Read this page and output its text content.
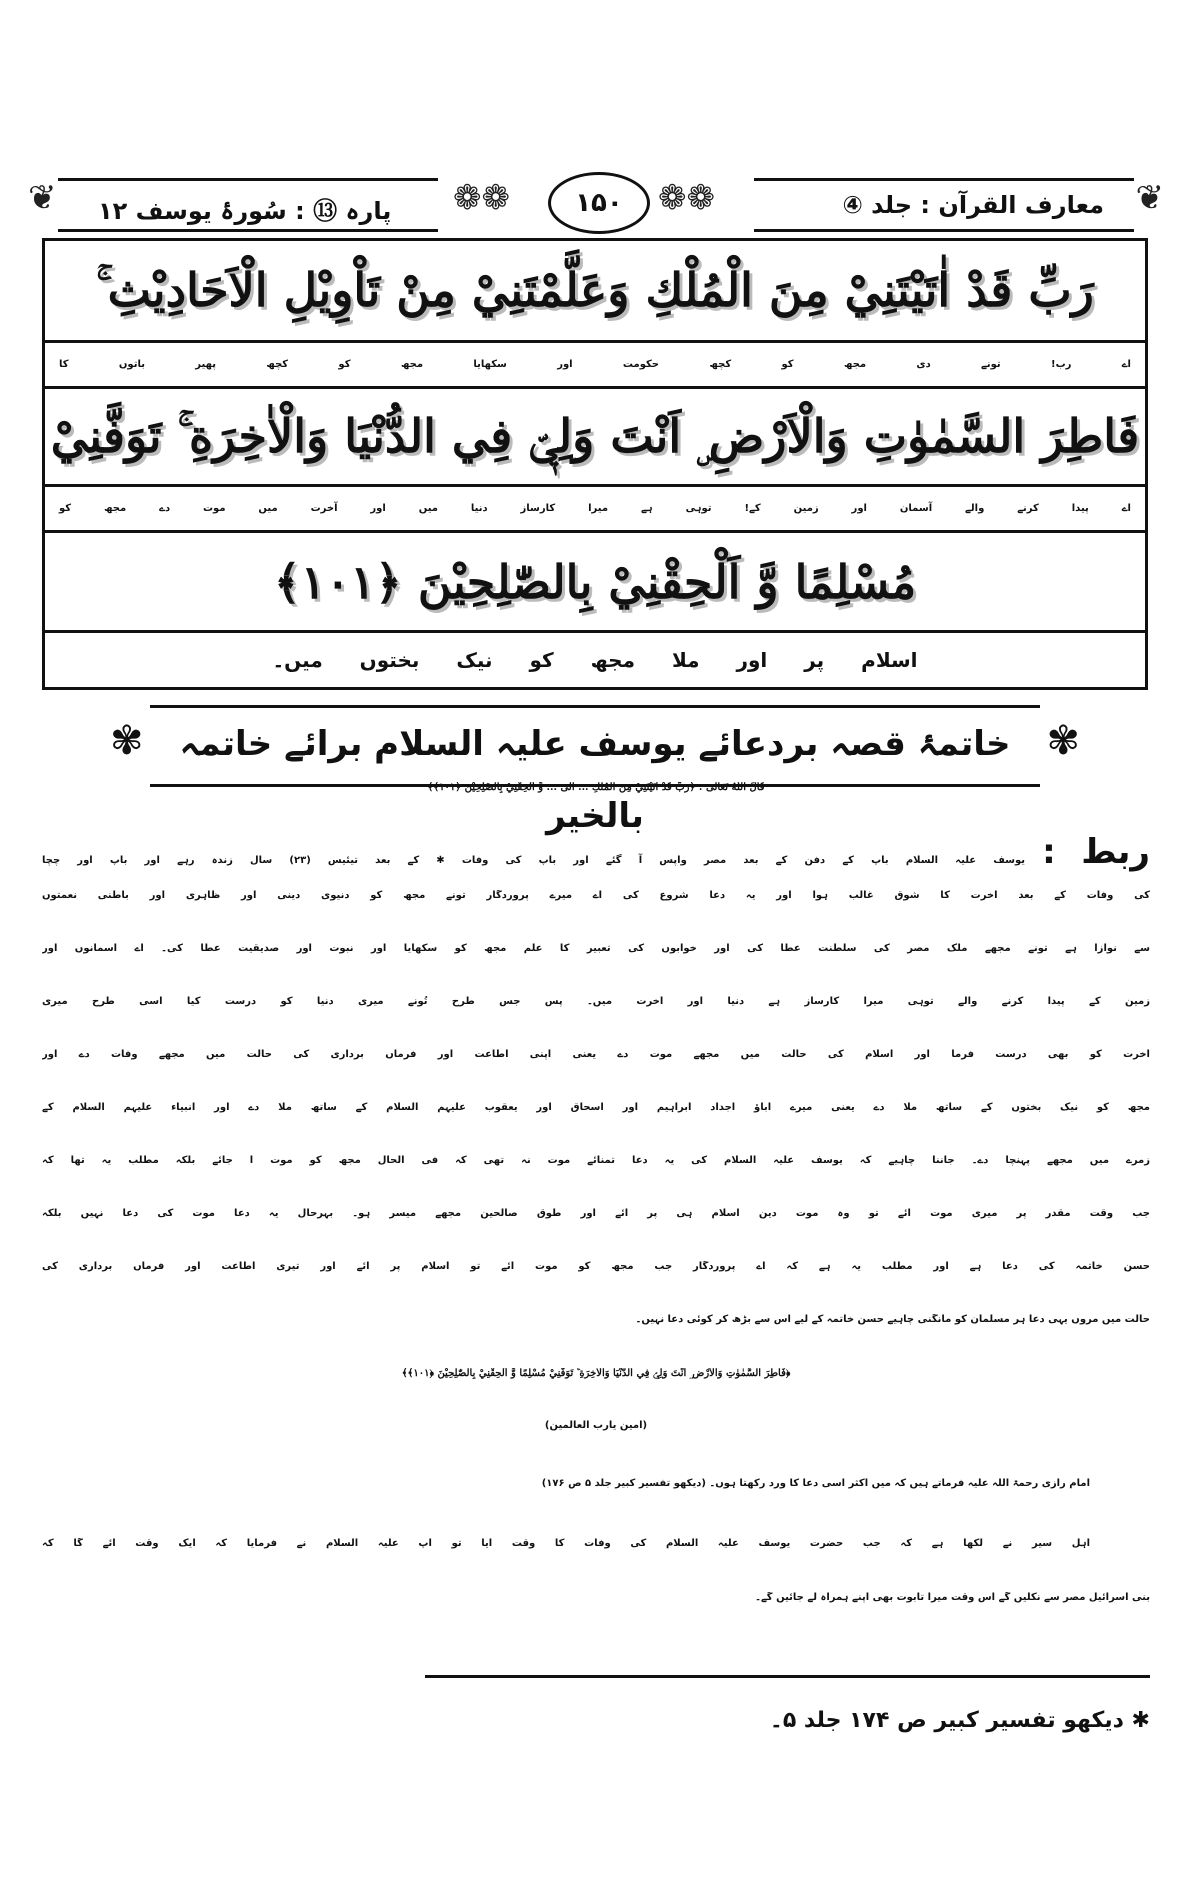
❦ پارہ ⑬ : سُورۂ یوسف ۱۲ ❁❁	۱۵۰	❁❁	معارف القرآن : جلد ④ ❦
رَبِّ قَدْ اٰتَيْتَنِيْ مِنَ الْمُلْكِ وَعَلَّمْتَنِيْ مِنْ تَاْوِيْلِ الْاَحَادِيْثِ ۚ
اے رب! تونے دی مجھ کو کچھ حکومت اور سکھایا مجھ کو کچھ پھیر باتوں کا
فَاطِرَ السَّمٰوٰتِ وَالْاَرْضِ ۣ اَنْتَ وَلِيّٖ فِي الدُّنْيَا وَالْاٰخِرَةِ ۚ تَوَفَّنِيْ
اے پیدا کرنے والے آسمان اور زمین کے! توہی ہے میرا کارساز دنیا میں اور آخرت میں موت دے مجھ کو
مُسْلِمًا وَّ اَلْحِقْنِيْ بِالصّٰلِحِيْنَ ﴿١٠١﴾
اسلام پر اور ملا مجھ کو نیک بختوں میں۔
✾ خاتمۂ قصہ بردعائے یوسف علیہ السلام برائے خاتمہ بالخیر
✾
قَالَ اللّٰهُ تَعَالٰى : ﴿رَبِّ قَدْ اٰتَيْتَنِيْ مِنَ الْمُلْكِ ... الى ... وَّ اَلْحِقْنِيْ بِالصّٰلِحِيْنَ ﴿١٠١﴾﴾
ربط : یوسف علیہ السلام باپ کے دفن کے بعد مصر واپس آ گئے اور باپ کی وفات ✱ کے بعد تیئیس (۲۳) سال زندہ رہے اور باپ اور چچا
کی وفات کے بعد آخرت کا شوق غالب ہوا اور یہ دعا شروع کی اے میرے پروردگار تونے مجھ کو دنیوی دینی اور ظاہری اور باطنی نعمتوں
سے نوازا ہے تونے مجھے ملک مصر کی سلطنت عطا کی اور خوابوں کی تعبیر کا علم مجھ کو سکھایا اور نبوت اور صدیقیت عطا کی۔ اے آسمانوں اور
زمین کے پیدا کرنے والے توہی میرا کارساز ہے دنیا اور آخرت میں۔ پس جس طرح تُونے میری دنیا کو درست کیا اسی طرح میری
آخرت کو بھی درست فرما اور اسلام کی حالت میں مجھے موت دے یعنی اپنی اطاعت اور فرماں برداری کی حالت میں مجھے وفات دے اور
مجھ کو نیک بختوں کے ساتھ ملا دے یعنی میرے آباؤ اجداد ابراہیم اور اسحاق اور یعقوب علیہم السلام کے ساتھ ملا دے اور انبیاء علیہم السلام کے
زمرے میں مجھے پہنچا دے۔ جاننا چاہیے کہ یوسف علیہ السلام کی یہ دعا تمنائے موت نہ تھی کہ فی الحال مجھ کو موت آ جائے بلکہ مطلب یہ تھا کہ
جب وقت مقدر پر میری موت آئے تو وہ موت دینِ اسلام ہی پر آئے اور طوق صالحین مجھے میسر ہو۔ بہرحال یہ دعا موت کی دعا نہیں بلکہ
حسن خاتمہ کی دعا ہے اور مطلب یہ ہے کہ اے پروردگار جب مجھ کو موت آئے تو اسلام پر آئے اور تیری اطاعت اور فرماں برداری کی
حالت میں مروں یہی دعا ہر مسلمان کو مانگنی چاہیے حسن خاتمہ کے لیے اس سے بڑھ کر کوئی دعا نہیں۔
﴿فَاطِرَ السَّمٰوٰتِ وَالْاَرْضِ ۣ اَنْتَ وَلِيّٖ فِي الدُّنْيَا وَالْاٰخِرَةِ ۚ تَوَفَّنِيْ مُسْلِمًا وَّ اَلْحِقْنِيْ بِالصّٰلِحِيْنَ ﴿١٠١﴾﴾
(آمین یارب العالمین)
امام رازی رحمۃ اللہ علیہ فرماتے ہیں کہ میں اکثر اسی دعا کا ورد رکھتا ہوں۔ (دیکھو تفسیر کبیر جلد ۵ ص ۱۷۶)
اہل سیر نے لکھا ہے کہ جب حضرت یوسف علیہ السلام کی وفات کا وقت آیا تو آپ علیہ السلام نے فرمایا کہ ایک وقت آئے گا کہ
بنی اسرائیل مصر سے نکلیں گے اس وقت میرا تابوت بھی اپنے ہمراہ لے جائیں گے۔
✱ دیکھو تفسیر کبیر ص ۱۷۴ جلد ۵۔
